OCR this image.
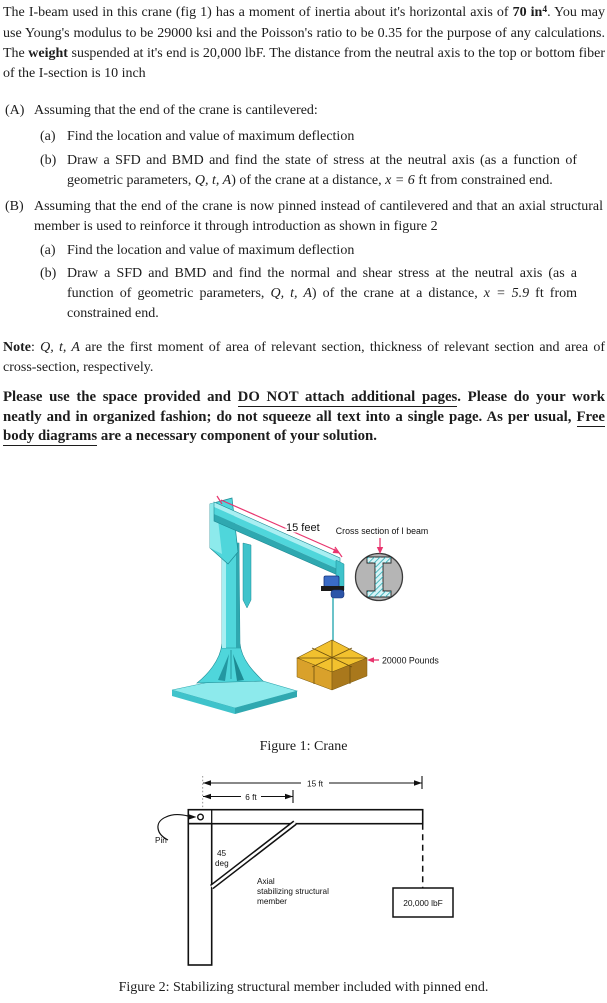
The I-beam used in this crane (fig 1) has a moment of inertia about it's horizontal axis of 70 $in^4$. You may use Young's modulus to be 29000 ksi and the Poisson's ratio to be 0.35 for the purpose of any calculations. The weight suspended at it's end is 20,000 lbF. The distance from the neutral axis to the top or bottom fiber of the I-section is 10 inch
(A) Assuming that the end of the crane is cantilevered:
(a) Find the location and value of maximum deflection
(b) Draw a SFD and BMD and find the state of stress at the neutral axis (as a function of geometric parameters, Q, t, A) of the crane at a distance, x = 6 ft from constrained end.
(B) Assuming that the end of the crane is now pinned instead of cantilevered and that an axial structural member is used to reinforce it through introduction as shown in figure 2
(a) Find the location and value of maximum deflection
(b) Draw a SFD and BMD and find the normal and shear stress at the neutral axis (as a function of geometric parameters, Q, t, A) of the crane at a distance, x = 5.9 ft from constrained end.
Note: Q, t, A are the first moment of area of relevant section, thickness of relevant section and area of cross-section, respectively.
Please use the space provided and DO NOT attach additional pages. Please do your work neatly and in organized fashion; do not squeeze all text into a single page. As per usual, Free body diagrams are a necessary component of your solution.
15 feet Cross section of I beam
20000 Pounds
Figure 1: Crane
15 ft
6 ft
Pin
45
deg
Axial
stabilizing structural
member	20,000 lbF
Figure 2: Stabilizing structural member included with pinned end.
